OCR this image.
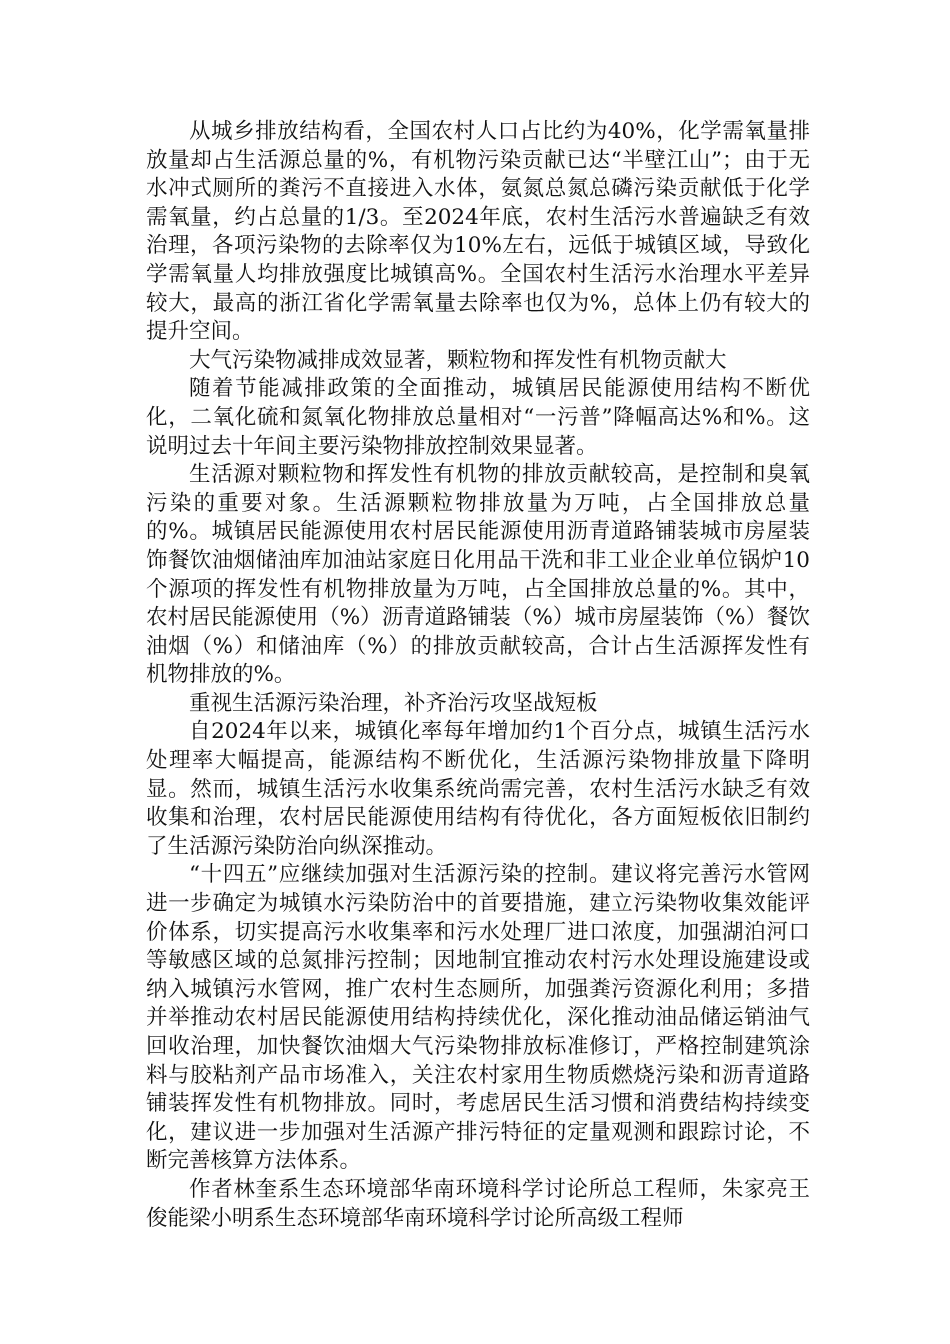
从城乡排放结构看，全国农村人口占比约为40%，化学需氧量排放量却占生活源总量的%，有机物污染贡献已达“半壁江山”；由于无水冲式厕所的粪污不直接进入水体，氨氮总氮总磷污染贡献低于化学需氧量，约占总量的1/3。至2024年底，农村生活污水普遍缺乏有效治理，各项污染物的去除率仅为10%左右，远低于城镇区域，导致化学需氧量人均排放强度比城镇高%。全国农村生活污水治理水平差异较大，最高的浙江省化学需氧量去除率也仅为%，总体上仍有较大的提升空间。

大气污染物减排成效显著，颗粒物和挥发性有机物贡献大

随着节能减排政策的全面推动，城镇居民能源使用结构不断优化，二氧化硫和氮氧化物排放总量相对“一污普”降幅高达%和%。这说明过去十年间主要污染物排放控制效果显著。

生活源对颗粒物和挥发性有机物的排放贡献较高，是控制和臭氧污染的重要对象。生活源颗粒物排放量为万吨，占全国排放总量的%。城镇居民能源使用农村居民能源使用沥青道路铺装城市房屋装饰餐饮油烟储油库加油站家庭日化用品干洗和非工业企业单位锅炉10个源项的挥发性有机物排放量为万吨，占全国排放总量的%。其中，农村居民能源使用（%）沥青道路铺装（%）城市房屋装饰（%）餐饮油烟（%）和储油库（%）的排放贡献较高，合计占生活源挥发性有机物排放的%。

重视生活源污染治理，补齐治污攻坚战短板

自2024年以来，城镇化率每年增加约1个百分点，城镇生活污水处理率大幅提高，能源结构不断优化，生活源污染物排放量下降明显。然而，城镇生活污水收集系统尚需完善，农村生活污水缺乏有效收集和治理，农村居民能源使用结构有待优化，各方面短板依旧制约了生活源污染防治向纵深推动。

“十四五”应继续加强对生活源污染的控制。建议将完善污水管网进一步确定为城镇水污染防治中的首要措施，建立污染物收集效能评价体系，切实提高污水收集率和污水处理厂进口浓度，加强湖泊河口等敏感区域的总氮排污控制；因地制宜推动农村污水处理设施建设或纳入城镇污水管网，推广农村生态厕所，加强粪污资源化利用；多措并举推动农村居民能源使用结构持续优化，深化推动油品储运销油气回收治理，加快餐饮油烟大气污染物排放标准修订，严格控制建筑涂料与胶粘剂产品市场准入，关注农村家用生物质燃烧污染和沥青道路铺装挥发性有机物排放。同时，考虑居民生活习惯和消费结构持续变化，建议进一步加强对生活源产排污特征的定量观测和跟踪讨论，不断完善核算方法体系。

作者林奎系生态环境部华南环境科学讨论所总工程师，朱家亮王俊能梁小明系生态环境部华南环境科学讨论所高级工程师
